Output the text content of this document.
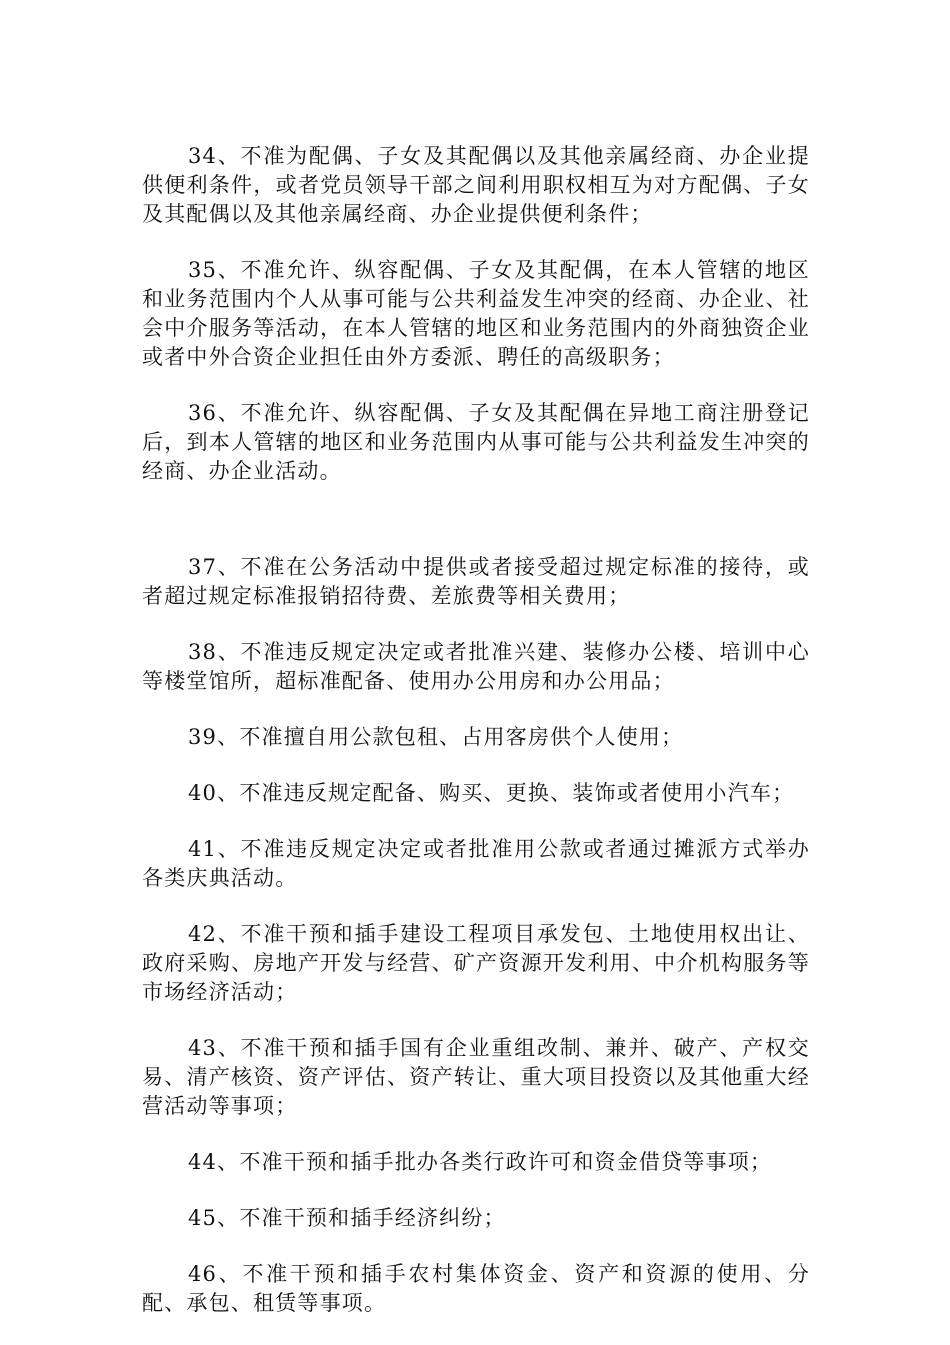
34、不准为配偶、子女及其配偶以及其他亲属经商、办企业提供便利条件，或者党员领导干部之间利用职权相互为对方配偶、子女及其配偶以及其他亲属经商、办企业提供便利条件；

35、不准允许、纵容配偶、子女及其配偶，在本人管辖的地区和业务范围内个人从事可能与公共利益发生冲突的经商、办企业、社会中介服务等活动，在本人管辖的地区和业务范围内的外商独资企业或者中外合资企业担任由外方委派、聘任的高级职务；

36、不准允许、纵容配偶、子女及其配偶在异地工商注册登记后，到本人管辖的地区和业务范围内从事可能与公共利益发生冲突的经商、办企业活动。

37、不准在公务活动中提供或者接受超过规定标准的接待，或者超过规定标准报销招待费、差旅费等相关费用；

38、不准违反规定决定或者批准兴建、装修办公楼、培训中心等楼堂馆所，超标准配备、使用办公用房和办公用品；

39、不准擅自用公款包租、占用客房供个人使用；

40、不准违反规定配备、购买、更换、装饰或者使用小汽车；

41、不准违反规定决定或者批准用公款或者通过摊派方式举办各类庆典活动。

42、不准干预和插手建设工程项目承发包、土地使用权出让、政府采购、房地产开发与经营、矿产资源开发利用、中介机构服务等市场经济活动；

43、不准干预和插手国有企业重组改制、兼并、破产、产权交易、清产核资、资产评估、资产转让、重大项目投资以及其他重大经营活动等事项；

44、不准干预和插手批办各类行政许可和资金借贷等事项；

45、不准干预和插手经济纠纷；

46、不准干预和插手农村集体资金、资产和资源的使用、分配、承包、租赁等事项。
